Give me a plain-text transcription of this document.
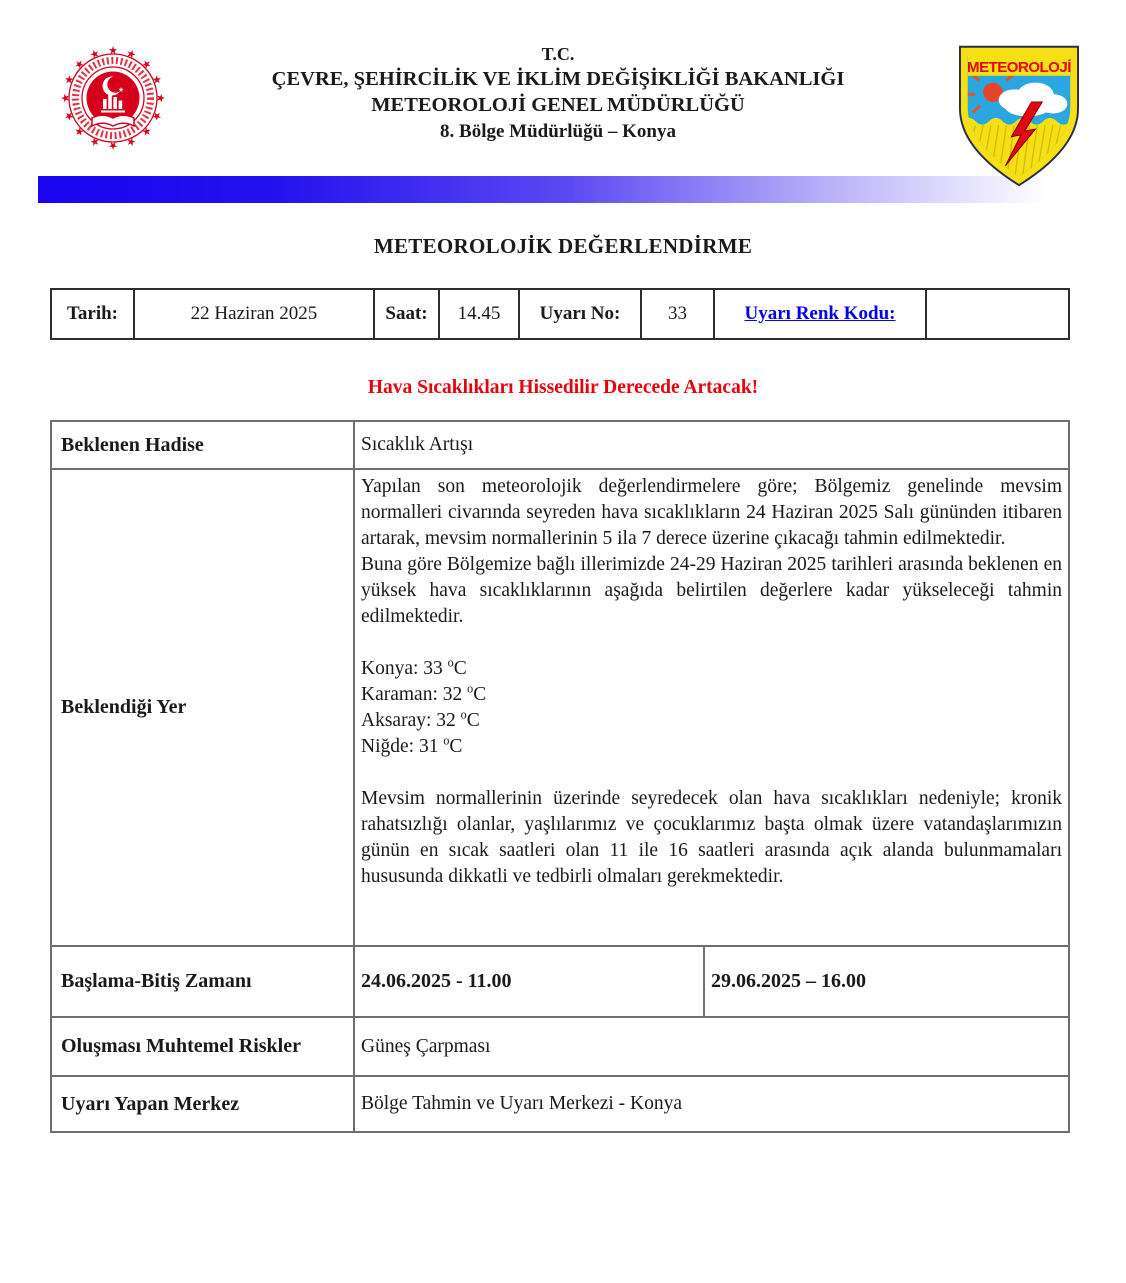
★ ★
★
★
★
★
★
★
★
★
★
★
★
★
★
★
★
T.C.
ÇEVRE, ŞEHİRCİLİK VE İKLİM DEĞİŞİKLİĞİ BAKANLIĞI
METEOROLOJİ GENEL MÜDÜRLÜĞÜ
8. Bölge Müdürlüğü – Konya
METEOROLOJİ
METEOROLOJİK DEĞERLENDİRME
Tarih:	22 Haziran 2025	Saat:	14.45	Uyarı No:	33	Uyarı Renk Kodu:	
Hava Sıcaklıkları Hissedilir Derecede Artacak!
Beklenen Hadise	Sıcaklık Artışı	
Beklendiği Yer	

Yapılan son meteorolojik değerlendirmelere göre; Bölgemiz genelinde mevsim normalleri civarında seyreden hava sıcaklıkların 24 Haziran 2025 Salı gününden itibaren artarak, mevsim normallerinin 5 ila 7 derece üzerine çıkacağı tahmin edilmektedir.

Buna göre Bölgemize bağlı illerimizde 24-29 Haziran 2025 tarihleri arasında beklenen en yüksek hava sıcaklıklarının aşağıda belirtilen değerlere kadar yükseleceği tahmin edilmektedir.

Konya: 33 $^o$C
Karaman: 32 $^o$C
Aksaray: 32 $^o$C
Niğde: 31 $^o$C

Mevsim normallerinin üzerinde seyredecek olan hava sıcaklıkları nedeniyle; kronik rahatsızlığı olanlar, yaşlılarımız ve çocuklarımız başta olmak üzere vatandaşlarımızın günün en sıcak saatleri olan 11 ile 16 saatleri arasında açık alanda bulunmamaları hususunda dikkatli ve tedbirli olmaları gerekmektedir.

Başlama-Bitiş Zamanı	24.06.2025 - 11.00	29.06.2025 – 16.00
Oluşması Muhtemel Riskler	Güneş Çarpması	
Uyarı Yapan Merkez	Bölge Tahmin ve Uyarı Merkezi - Konya	
